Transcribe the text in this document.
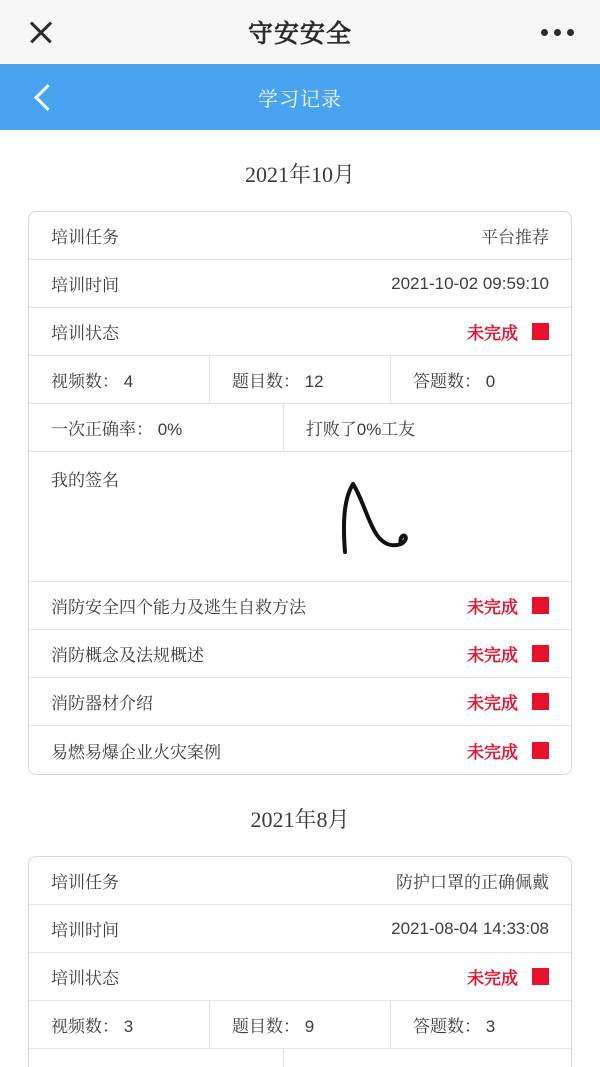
守安安全
学习记录
2021年10月
培训任务	平台推荐
培训时间	2021-10-02 09:59:10
培训状态	未完成
视频数： 4	题目数： 12	答题数： 0
一次正确率： 0%	打败了0%工友
我的签名
消防安全四个能力及逃生自救方法	未完成
消防概念及法规概述	未完成
消防器材介绍	未完成
易燃易爆企业火灾案例	未完成
2021年8月
培训任务	防护口罩的正确佩戴
培训时间	2021-08-04 14:33:08
培训状态	未完成
视频数： 3	题目数： 9	答题数： 3
